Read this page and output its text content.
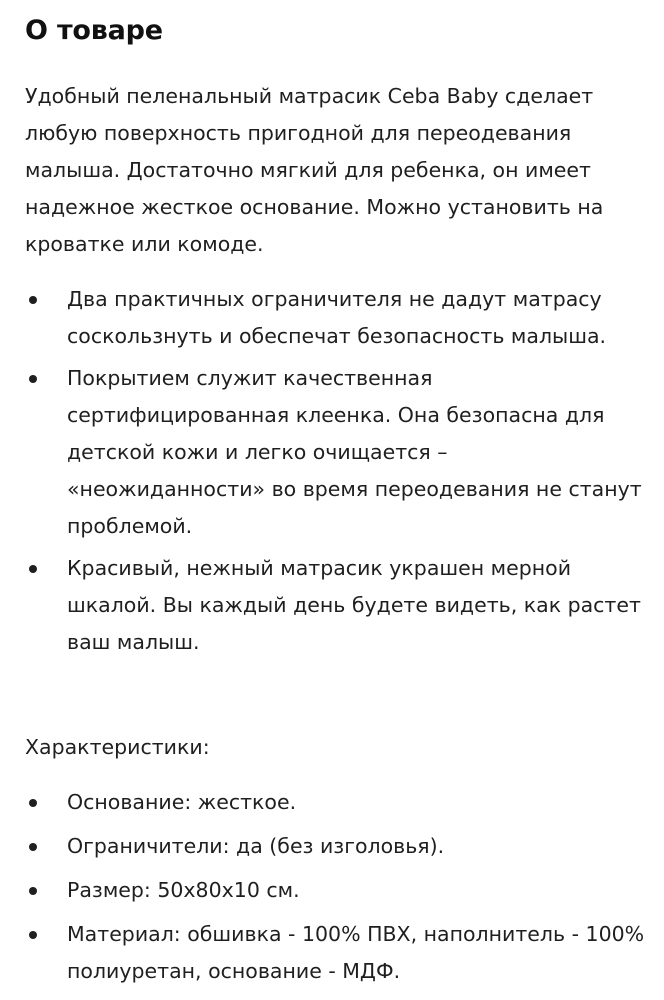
О товаре

Удобный пеленальный матрасик Ceba Baby сделает любую поверхность пригодной для переодевания малыша. Достаточно мягкий для ребенка, он имеет надежное жесткое основание. Можно установить на кроватке или комоде.

Два практичных ограничителя не дадут матрасу соскользнуть и обеспечат безопасность малыша.
Покрытием служит качественная сертифицированная клеенка. Она безопасна для детской кожи и легко очищается – «неожиданности» во время переодевания не станут проблемой.
Красивый, нежный матрасик украшен мерной шкалой. Вы каждый день будете видеть, как растет ваш малыш.

Характеристики:

Основание: жесткое.
Ограничители: да (без изголовья).
Размер: 50x80x10 см.
Материал: обшивка - 100% ПВХ, наполнитель - 100% полиуретан, основание - МДФ.
